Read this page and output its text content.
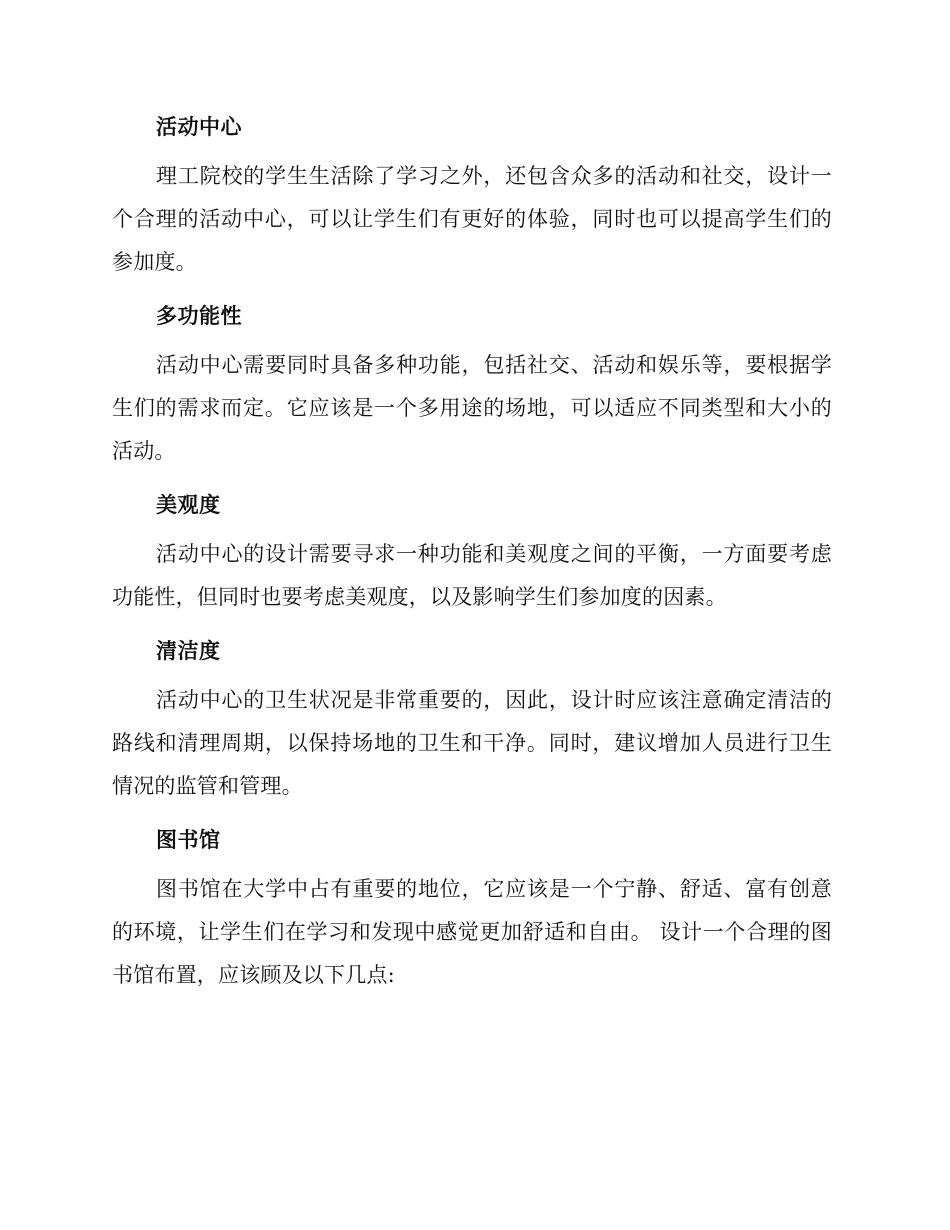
活动中心

理工院校的学生生活除了学习之外，还包含众多的活动和社交，设计一个合理的活动中心，可以让学生们有更好的体验，同时也可以提高学生们的参加度。

多功能性

活动中心需要同时具备多种功能，包括社交、活动和娱乐等，要根据学生们的需求而定。它应该是一个多用途的场地，可以适应不同类型和大小的活动。

美观度

活动中心的设计需要寻求一种功能和美观度之间的平衡，一方面要考虑功能性，但同时也要考虑美观度，以及影响学生们参加度的因素。

清洁度

活动中心的卫生状况是非常重要的，因此，设计时应该注意确定清洁的路线和清理周期，以保持场地的卫生和干净。同时，建议增加人员进行卫生情况的监管和管理。

图书馆

图书馆在大学中占有重要的地位，它应该是一个宁静、舒适、富有创意的环境，让学生们在学习和发现中感觉更加舒适和自由。 设计一个合理的图书馆布置，应该顾及以下几点:
